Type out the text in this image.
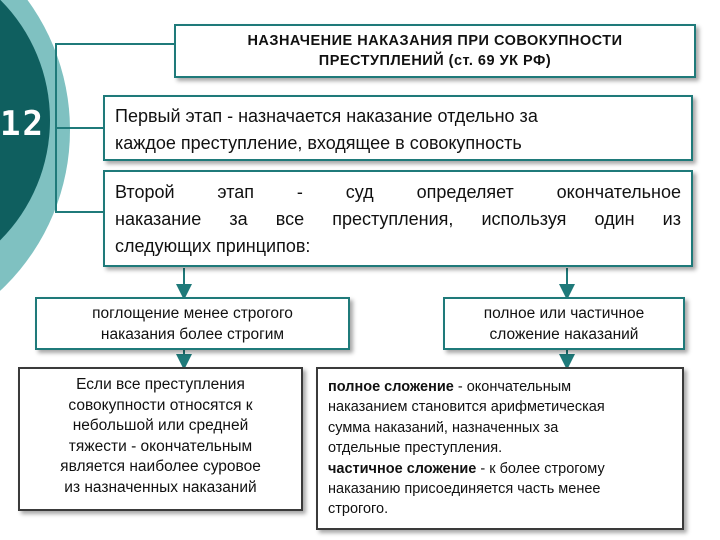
12
НАЗНАЧЕНИЕ НАКАЗАНИЯ ПРИ СОВОКУПНОСТИ
ПРЕСТУПЛЕНИЙ (ст. 69 УК РФ)
Первый этап - назначается наказание отдельно за
каждое преступление, входящее в совокупность
Второй этап - суд определяет окончательное
наказание за все преступления, используя один из
следующих принципов:
поглощение менее строгого
наказания более строгим
полное или частичное
сложение наказаний
Если все преступления
совокупности относятся к
небольшой или средней
тяжести - окончательным
является наиболее суровое
из назначенных наказаний
полное сложение - окончательным
наказанием становится арифметическая
сумма наказаний, назначенных за
отдельные преступления.
частичное сложение - к более строгому
наказанию присоединяется часть менее
строгого.
